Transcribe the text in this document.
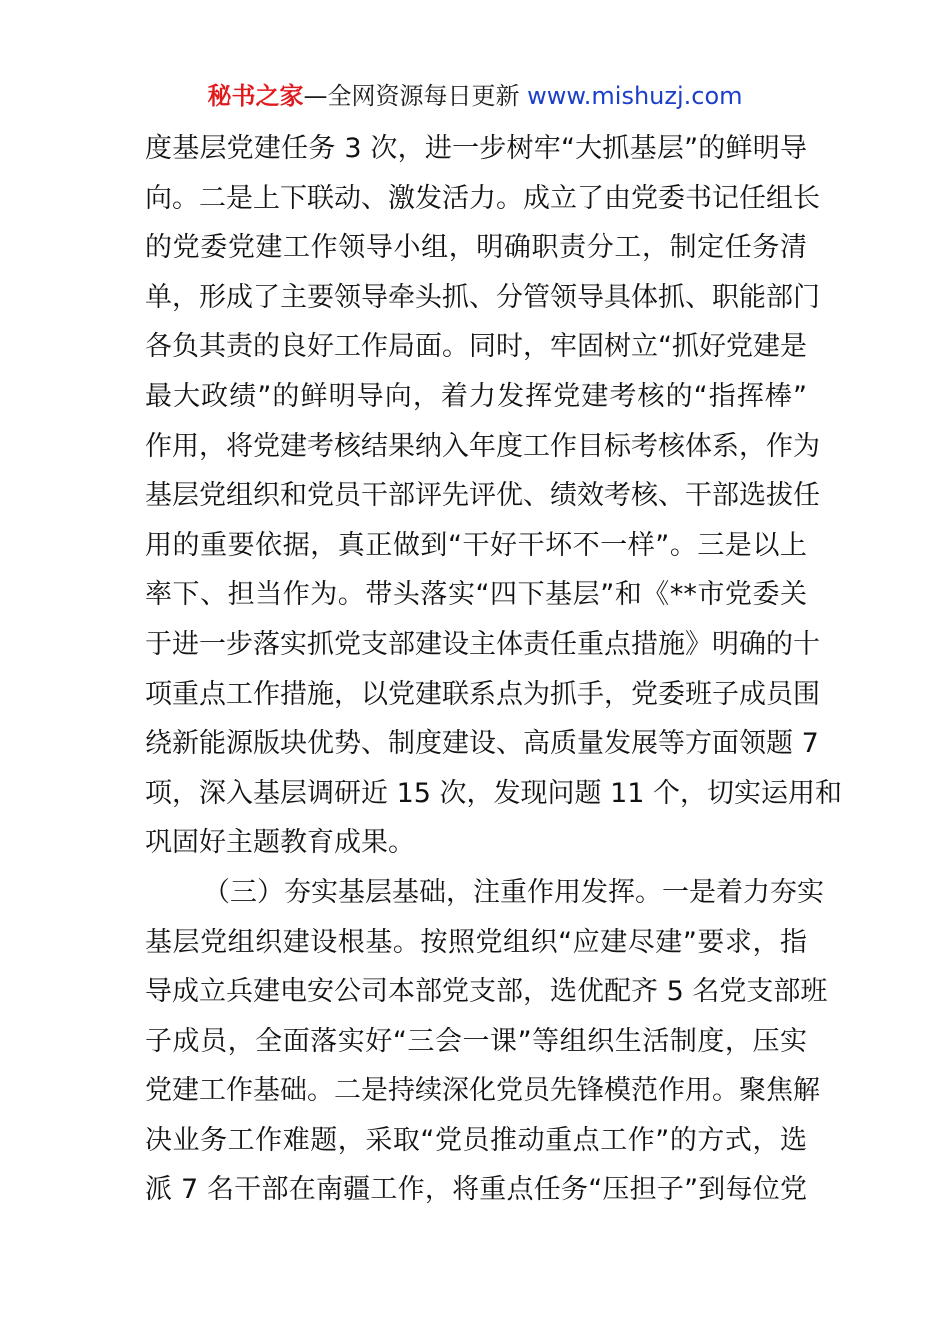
秘书之家—全网资源每日更新 www.mishuzj.com
度基层党建任务 3 次，进一步树牢“大抓基层”的鲜明导
向。二是上下联动、激发活力。成立了由党委书记任组长
的党委党建工作领导小组，明确职责分工，制定任务清
单，形成了主要领导牵头抓、分管领导具体抓、职能部门
各负其责的良好工作局面。同时，牢固树立“抓好党建是
最大政绩”的鲜明导向，着力发挥党建考核的“指挥棒”
作用，将党建考核结果纳入年度工作目标考核体系，作为
基层党组织和党员干部评先评优、绩效考核、干部选拔任
用的重要依据，真正做到“干好干坏不一样”。三是以上
率下、担当作为。带头落实“四下基层”和《**市党委关
于进一步落实抓党支部建设主体责任重点措施》明确的十
项重点工作措施，以党建联系点为抓手，党委班子成员围
绕新能源版块优势、制度建设、高质量发展等方面领题 7
项，深入基层调研近 15 次，发现问题 11 个，切实运用和
巩固好主题教育成果。
（三）夯实基层基础，注重作用发挥。一是着力夯实
基层党组织建设根基。按照党组织“应建尽建”要求，指
导成立兵建电安公司本部党支部，选优配齐 5 名党支部班
子成员，全面落实好“三会一课”等组织生活制度，压实
党建工作基础。二是持续深化党员先锋模范作用。聚焦解
决业务工作难题，采取“党员推动重点工作”的方式，选
派 7 名干部在南疆工作，将重点任务“压担子”到每位党
